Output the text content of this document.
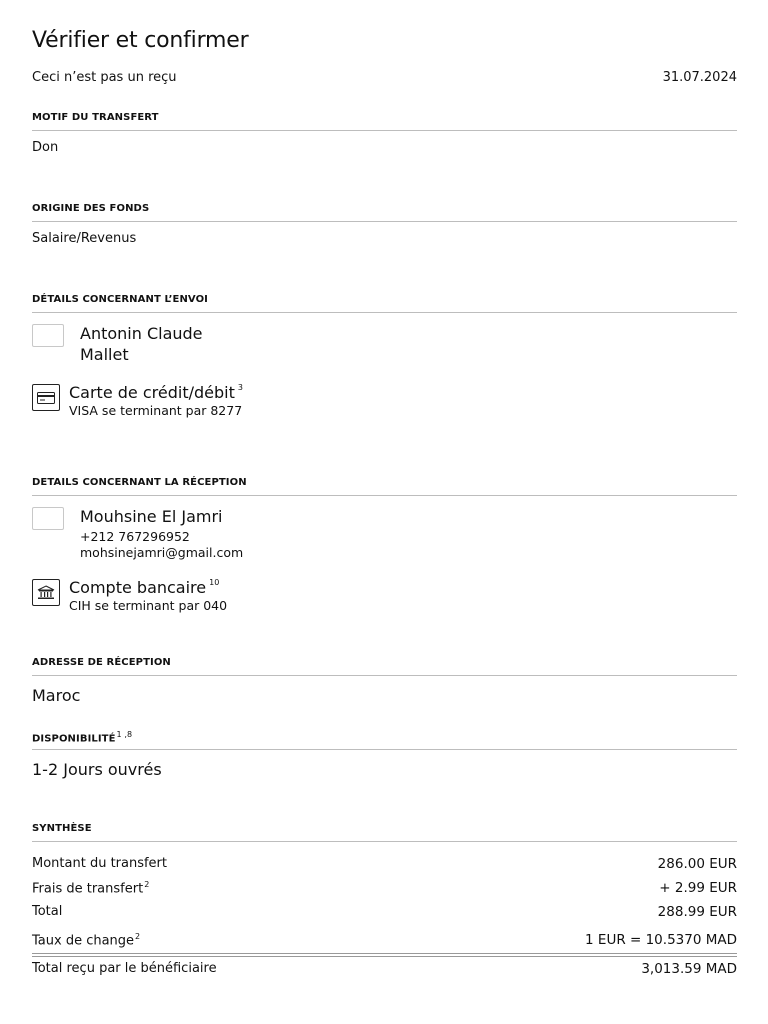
Vérifier et confirmer
Ceci n’est pas un reçu	31.07.2024
MOTIF DU TRANSFERT
Don
ORIGINE DES FONDS
Salaire/Revenus
DÉTAILS CONCERNANT L’ENVOI
Antonin Claude
Mallet
Carte de crédit/débit $^3$
VISA se terminant par 8277
DETAILS CONCERNANT LA RÉCEPTION
Mouhsine El Jamri
+212 767296952
mohsinejamri@gmail.com
Compte bancaire $^{10}$
CIH se terminant par 040
ADRESSE DE RÉCEPTION
Maroc
DISPONIBILITÉ$^{1 ,8}$
1-2 Jours ouvrés
SYNTHÈSE
Montant du transfert	286.00 EUR
Frais de transfert$^2$	+ 2.99 EUR
Total	288.99 EUR
Taux de change$^2$	1 EUR = 10.5370 MAD
Total reçu par le bénéficiaire	3,013.59 MAD
